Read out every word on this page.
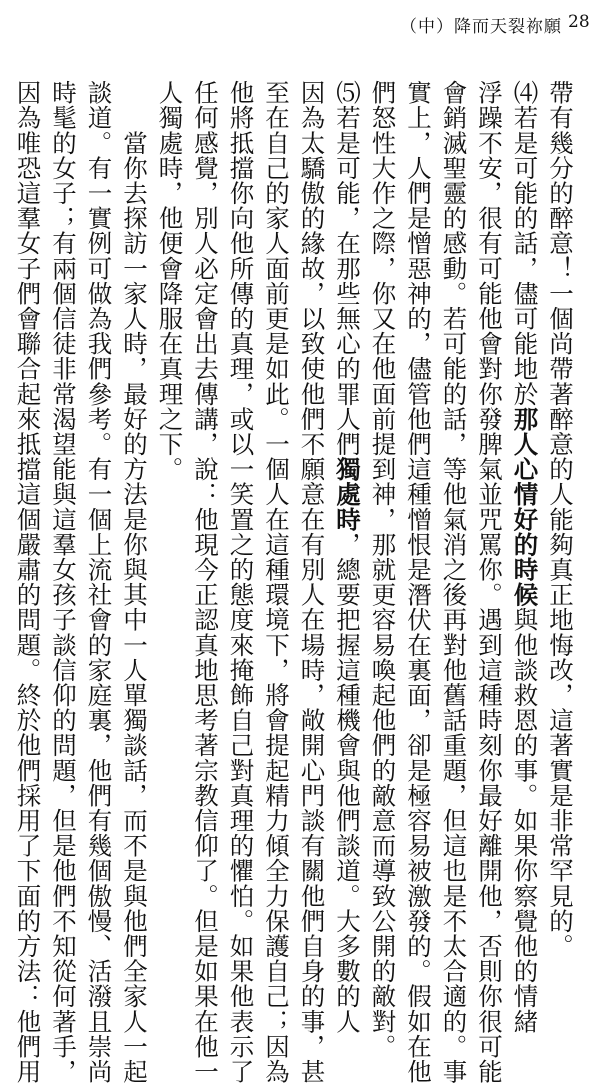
（中）降而天裂祢願 28
帶有幾分的醉意！一個尚帶著醉意的人能夠真正地悔改，這著實是非常罕見的。
⑷若是可能的話，儘可能地於那人心情好的時候與他談救恩的事。如果你察覺他的情緒
浮躁不安，很有可能他會對你發脾氣並咒罵你。遇到這種時刻你最好離開他，否則你很可能
會銷滅聖靈的感動。若可能的話，等他氣消之後再對他舊話重題，但這也是不太合適的。事
實上，人們是憎惡神的，儘管他們這種憎恨是潛伏在裏面，卻是極容易被激發的。假如在他
們怒性大作之際，你又在他面前提到神，那就更容易喚起他們的敵意而導致公開的敵對。
⑸若是可能，在那些無心的罪人們獨處時，總要把握這種機會與他們談道。大多數的人
因為太驕傲的緣故，以致使他們不願意在有別人在場時，敞開心門談有關他們自身的事，甚
至在自己的家人面前更是如此。一個人在這種環境下，將會提起精力傾全力保護自己；因為
他將抵擋你向他所傳的真理，或以一笑置之的態度來掩飾自己對真理的懼怕。如果他表示了
任何感覺，別人必定會出去傳講，說：他現今正認真地思考著宗教信仰了。但是如果在他一
人獨處時，他便會降服在真理之下。
　　當你去探訪一家人時，最好的方法是你與其中一人單獨談話，而不是與他們全家人一起
談道。有一實例可做為我們參考。有一個上流社會的家庭裏，他們有幾個傲慢、活潑且崇尚
時髦的女子；有兩個信徒非常渴望能與這羣女孩子談信仰的問題，但是他們不知從何著手，
因為唯恐這羣女子們會聯合起來抵擋這個嚴肅的問題。終於他們採用了下面的方法：他們用
